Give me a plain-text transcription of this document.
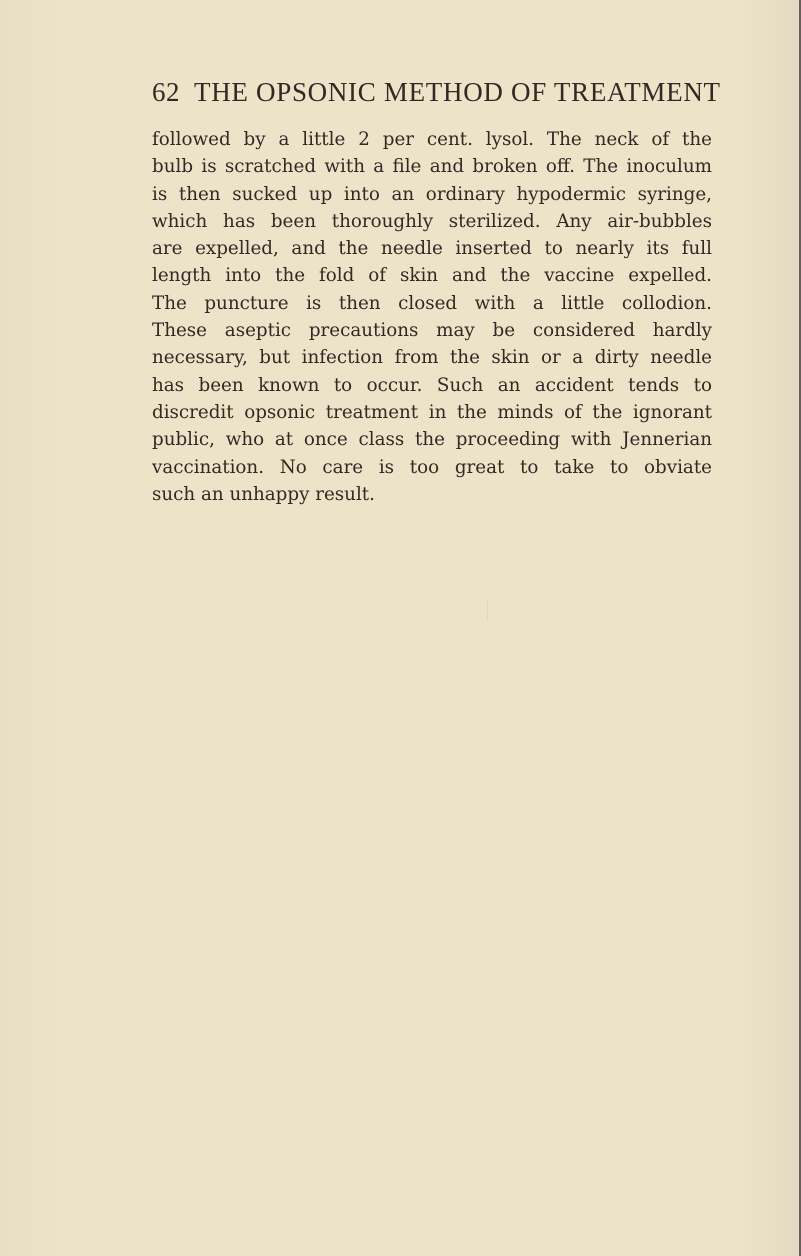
62 THE OPSONIC METHOD OF TREATMENT
followed by a little 2 per cent. lysol. The neck of the
bulb is scratched with a file and broken off. The inoculum
is then sucked up into an ordinary hypodermic syringe,
which has been thoroughly sterilized. Any air-bubbles
are expelled, and the needle inserted to nearly its full
length into the fold of skin and the vaccine expelled.
The puncture is then closed with a little collodion.
These aseptic precautions may be considered hardly
necessary, but infection from the skin or a dirty needle
has been known to occur. Such an accident tends to
discredit opsonic treatment in the minds of the ignorant
public, who at once class the proceeding with Jennerian
vaccination. No care is too great to take to obviate
such an unhappy result.
